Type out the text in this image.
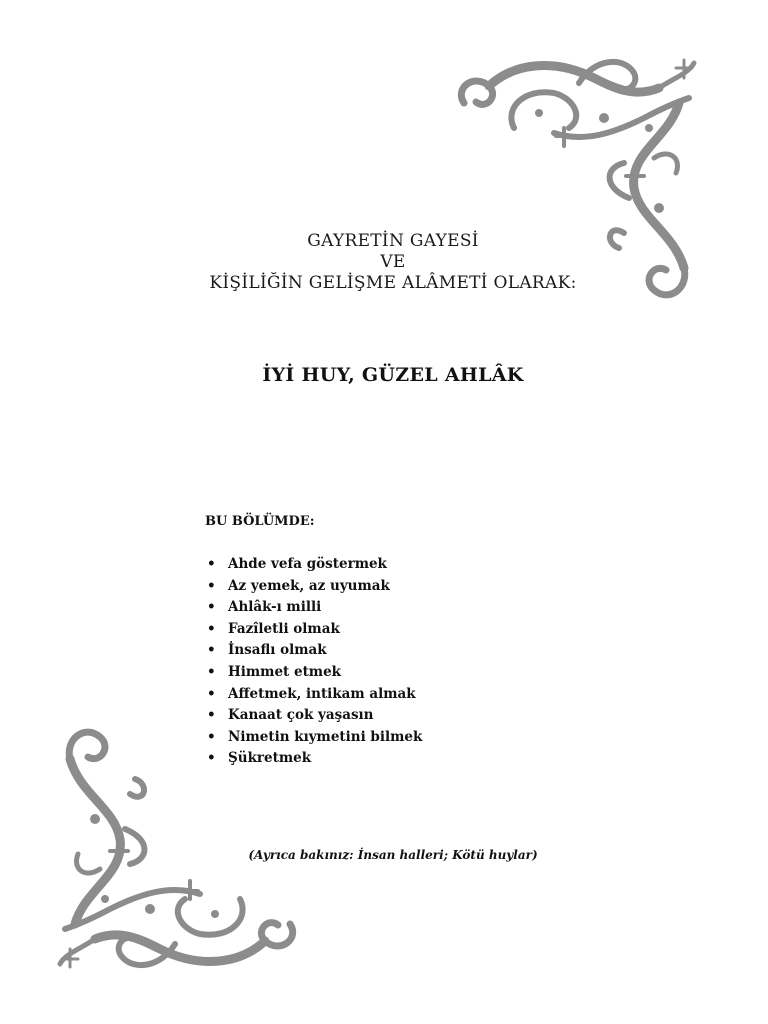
GAYRETİN GAYESİ
VE
KİŞİLİĞİN GELİŞME ALÂMETİ OLARAK:
İYİ HUY, GÜZEL AHLÂK
BU BÖLÜMDE:
• Ahde vefa göstermek
• Az yemek, az uyumak
• Ahlâk-ı milli
• Fazîletli olmak
• İnsaflı olmak
• Himmet etmek
• Affetmek, intikam almak
• Kanaat çok yaşasın
• Nimetin kıymetini bilmek
• Şükretmek
(Ayrıca bakınız: İnsan halleri; Kötü huylar)
